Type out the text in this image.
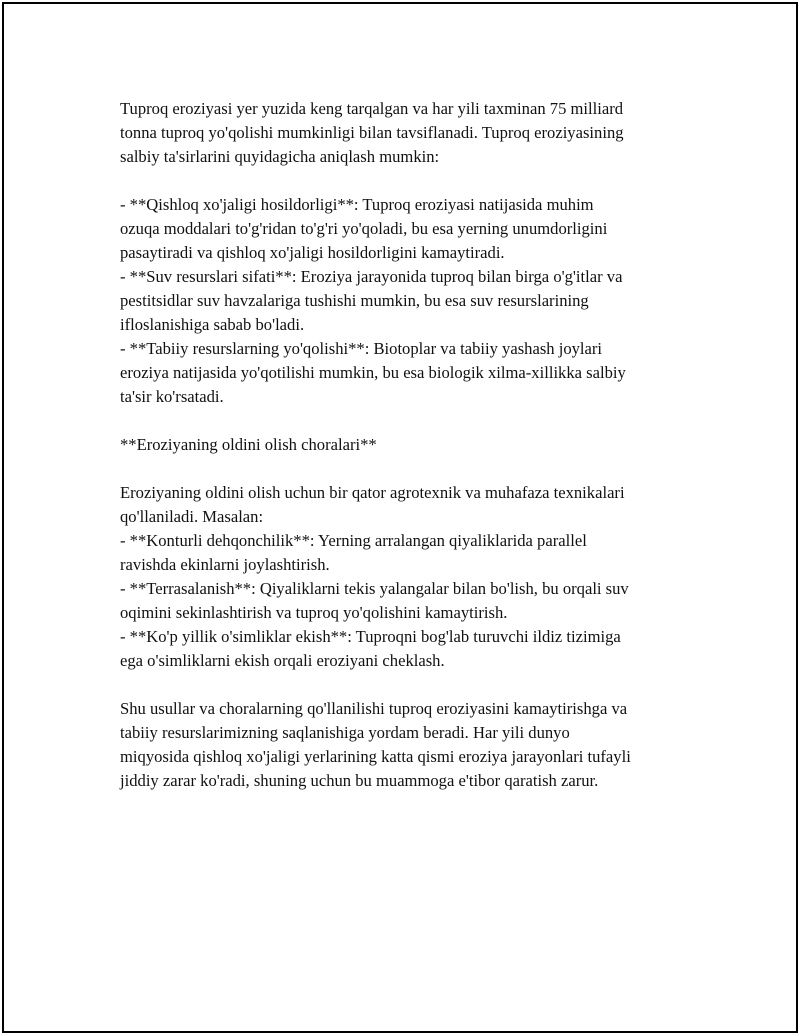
Tuproq eroziyasi yer yuzida keng tarqalgan va har yili taxminan 75 milliard
tonna tuproq yo'qolishi mumkinligi bilan tavsiflanadi. Tuproq eroziyasining
salbiy ta'sirlarini quyidagicha aniqlash mumkin:
- **Qishloq xo'jaligi hosildorligi**: Tuproq eroziyasi natijasida muhim
ozuqa moddalari to'g'ridan to'g'ri yo'qoladi, bu esa yerning unumdorligini
pasaytiradi va qishloq xo'jaligi hosildorligini kamaytiradi.
- **Suv resurslari sifati**: Eroziya jarayonida tuproq bilan birga o'g'itlar va
pestitsidlar suv havzalariga tushishi mumkin, bu esa suv resurslarining
ifloslanishiga sabab bo'ladi.
- **Tabiiy resurslarning yo'qolishi**: Biotoplar va tabiiy yashash joylari
eroziya natijasida yo'qotilishi mumkin, bu esa biologik xilma-xillikka salbiy
ta'sir ko'rsatadi.
**Eroziyaning oldini olish choralari**
Eroziyaning oldini olish uchun bir qator agrotexnik va muhafaza texnikalari
qo'llaniladi. Masalan:
- **Konturli dehqonchilik**: Yerning arralangan qiyaliklarida parallel
ravishda ekinlarni joylashtirish.
- **Terrasalanish**: Qiyaliklarni tekis yalangalar bilan bo'lish, bu orqali suv
oqimini sekinlashtirish va tuproq yo'qolishini kamaytirish.
- **Ko'p yillik o'simliklar ekish**: Tuproqni bog'lab turuvchi ildiz tizimiga
ega o'simliklarni ekish orqali eroziyani cheklash.
Shu usullar va choralarning qo'llanilishi tuproq eroziyasini kamaytirishga va
tabiiy resurslarimizning saqlanishiga yordam beradi. Har yili dunyo
miqyosida qishloq xo'jaligi yerlarining katta qismi eroziya jarayonlari tufayli
jiddiy zarar ko'radi, shuning uchun bu muammoga e'tibor qaratish zarur.
